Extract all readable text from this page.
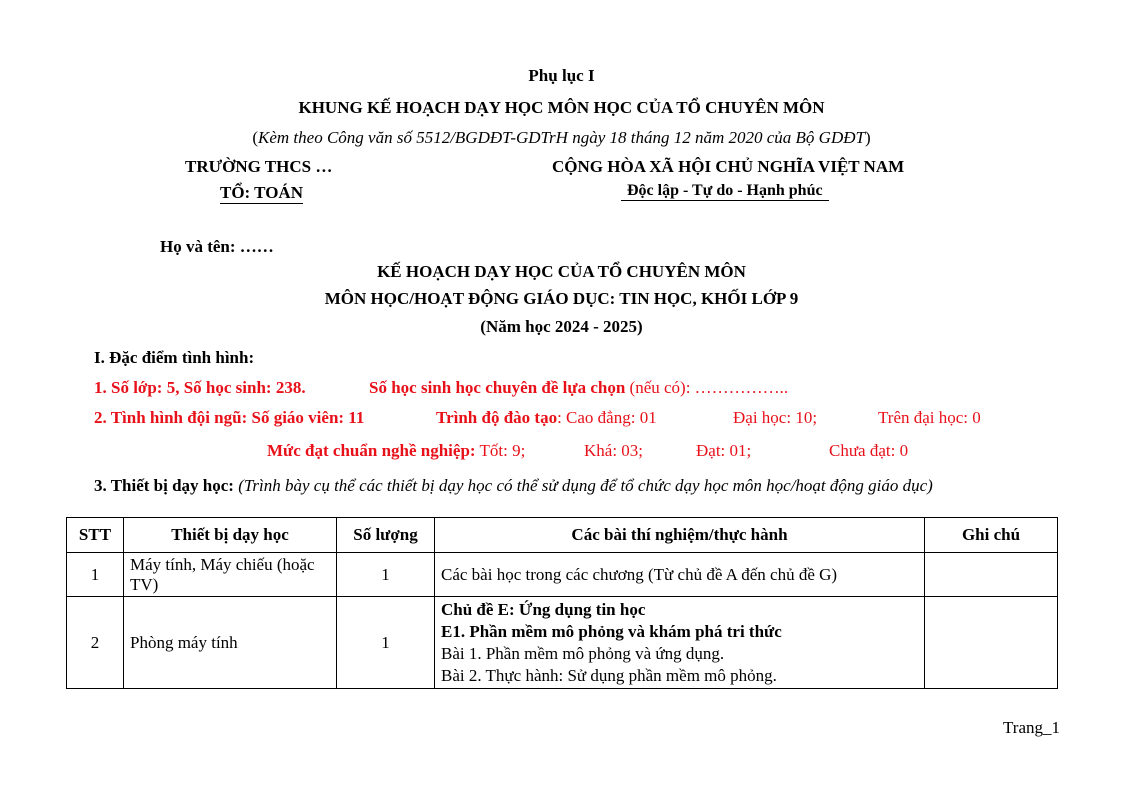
Phụ lục I
KHUNG KẾ HOẠCH DẠY HỌC MÔN HỌC CỦA TỔ CHUYÊN MÔN
(Kèm theo Công văn số 5512/BGDĐT-GDTrH ngày 18 tháng 12 năm 2020 của Bộ GDĐT)
TRƯỜNG THCS …
TỔ: TOÁN
CỘNG HÒA XÃ HỘI CHỦ NGHĨA VIỆT NAM
Độc lập - Tự do - Hạnh phúc
Họ và tên: ……
KẾ HOẠCH DẠY HỌC CỦA TỔ CHUYÊN MÔN
MÔN HỌC/HOẠT ĐỘNG GIÁO DỤC: TIN HỌC, KHỐI LỚP 9
(Năm học 2024 - 2025)
I. Đặc điểm tình hình:
1. Số lớp: 5, Số học sinh: 238.	Số học sinh học chuyên đề lựa chọn (nếu có): ……………..
2. Tình hình đội ngũ: Số giáo viên: 11	Trình độ đào tạo: Cao đẳng: 01	Đại học: 10;	Trên đại học: 0
Mức đạt chuẩn nghề nghiệp: Tốt: 9;	Khá: 03;	Đạt: 01;	Chưa đạt: 0
3. Thiết bị dạy học: (Trình bày cụ thể các thiết bị dạy học có thể sử dụng để tổ chức dạy học môn học/hoạt động giáo dục)
STT	Thiết bị dạy học	Số lượng	Các bài thí nghiệm/thực hành	Ghi chú
1	Máy tính, Máy chiếu (hoặc TV)	1	Các bài học trong các chương (Từ chủ đề A đến chủ đề G)	
2	Phòng máy tính	1	Chủ đề E: Ứng dụng tin học
E1. Phần mềm mô phỏng và khám phá tri thức
Bài 1. Phần mềm mô phỏng và ứng dụng.
Bài 2. Thực hành: Sử dụng phần mềm mô phỏng.	

Trang_1
